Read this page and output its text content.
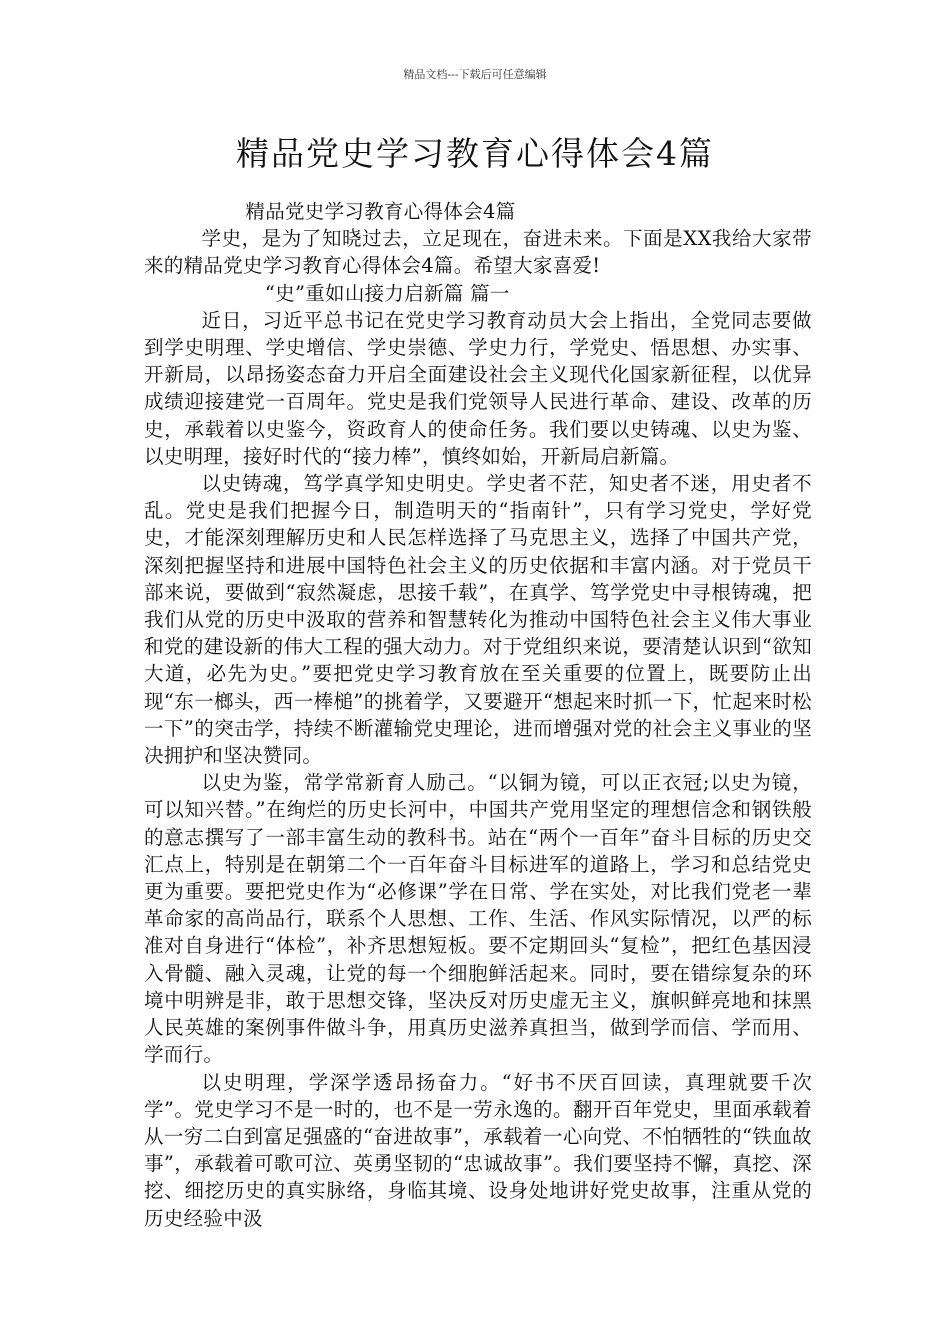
精品文档---下载后可任意编辑
精品党史学习教育心得体会4篇

精品党史学习教育心得体会4篇

学史，是为了知晓过去，立足现在，奋进未来。下面是XX我给大家带来的精品党史学习教育心得体会4篇。希望大家喜爱!

“史”重如山接力启新篇 篇一

近日，习近平总书记在党史学习教育动员大会上指出，全党同志要做到学史明理、学史增信、学史崇德、学史力行，学党史、悟思想、办实事、开新局，以昂扬姿态奋力开启全面建设社会主义现代化国家新征程，以优异成绩迎接建党一百周年。党史是我们党领导人民进行革命、建设、改革的历史，承载着以史鉴今，资政育人的使命任务。我们要以史铸魂、以史为鉴、以史明理，接好时代的“接力棒”，慎终如始，开新局启新篇。

以史铸魂，笃学真学知史明史。学史者不茫，知史者不迷，用史者不乱。党史是我们把握今日，制造明天的“指南针”，只有学习党史，学好党史，才能深刻理解历史和人民怎样选择了马克思主义，选择了中国共产党，深刻把握坚持和进展中国特色社会主义的历史依据和丰富内涵。对于党员干部来说，要做到“寂然凝虑，思接千载”，在真学、笃学党史中寻根铸魂，把我们从党的历史中汲取的营养和智慧转化为推动中国特色社会主义伟大事业和党的建设新的伟大工程的强大动力。对于党组织来说，要清楚认识到“欲知大道，必先为史。”要把党史学习教育放在至关重要的位置上，既要防止出现“东一榔头，西一棒槌”的挑着学，又要避开“想起来时抓一下，忙起来时松一下”的突击学，持续不断灌输党史理论，进而增强对党的社会主义事业的坚决拥护和坚决赞同。

以史为鉴，常学常新育人励己。“以铜为镜，可以正衣冠;以史为镜，可以知兴替。”在绚烂的历史长河中，中国共产党用坚定的理想信念和钢铁般的意志撰写了一部丰富生动的教科书。站在“两个一百年”奋斗目标的历史交汇点上，特别是在朝第二个一百年奋斗目标进军的道路上，学习和总结党史更为重要。要把党史作为“必修课”学在日常、学在实处，对比我们党老一辈革命家的高尚品行，联系个人思想、工作、生活、作风实际情况，以严的标准对自身进行“体检”，补齐思想短板。要不定期回头“复检”，把红色基因浸入骨髓、融入灵魂，让党的每一个细胞鲜活起来。同时，要在错综复杂的环境中明辨是非，敢于思想交锋，坚决反对历史虚无主义，旗帜鲜亮地和抹黑人民英雄的案例事件做斗争，用真历史滋养真担当，做到学而信、学而用、学而行。

以史明理，学深学透昂扬奋力。“好书不厌百回读，真理就要千次学”。党史学习不是一时的，也不是一劳永逸的。翻开百年党史，里面承载着从一穷二白到富足强盛的“奋进故事”，承载着一心向党、不怕牺牲的“铁血故事”，承载着可歌可泣、英勇坚韧的“忠诚故事”。我们要坚持不懈，真挖、深挖、细挖历史的真实脉络，身临其境、设身处地讲好党史故事，注重从党的历史经验中汲
